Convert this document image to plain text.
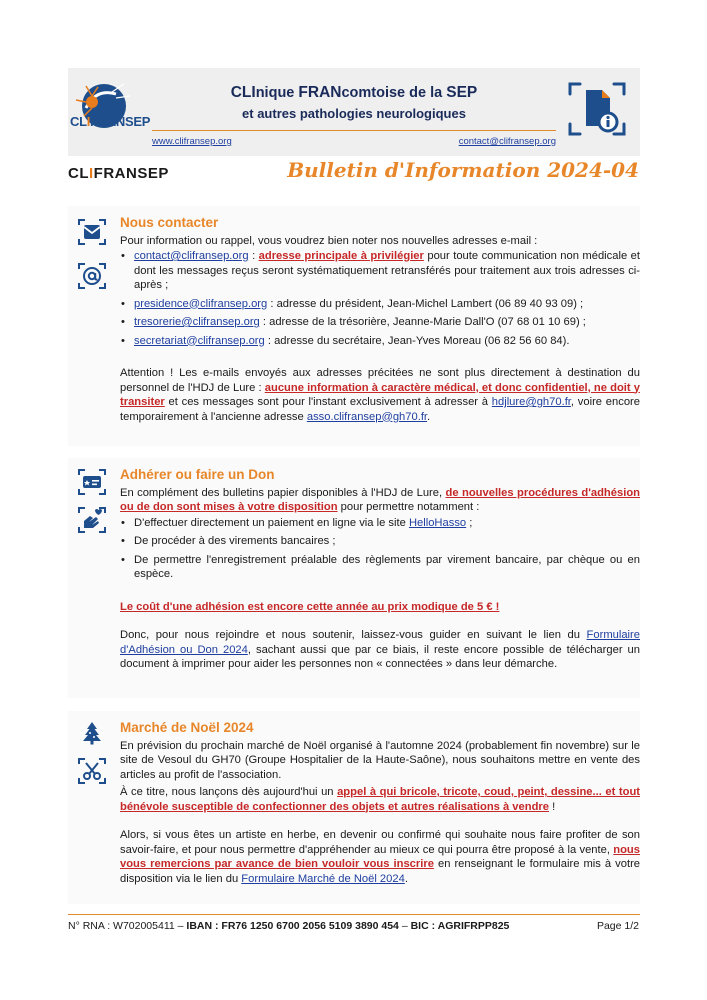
CLIFRANSEP
CLInique FRANcomtoise de la SEP
et autres pathologies neurologiques
www.clifransep.org	contact@clifransep.org
CLIFRANSEP	Bulletin d'Information 2024-04
Nous contacter
Pour information ou rappel, vous voudrez bien noter nos nouvelles adresses e-mail :
• contact@clifransep.org : adresse principale à privilégier pour toute communication non médicale et dont les messages reçus seront systématiquement retransférés pour traitement aux trois adresses ci-après ;
• presidence@clifransep.org : adresse du président, Jean-Michel Lambert (06 89 40 93 09) ;
• tresorerie@clifransep.org : adresse de la trésorière, Jeanne-Marie Dall'O (07 68 01 10 69) ;
• secretariat@clifransep.org : adresse du secrétaire, Jean-Yves Moreau (06 82 56 60 84).
Attention ! Les e-mails envoyés aux adresses précitées ne sont plus directement à destination du personnel de l'HDJ de Lure : aucune information à caractère médical, et donc confidentiel, ne doit y transiter et ces messages sont pour l'instant exclusivement à adresser à hdjlure@gh70.fr, voire encore temporairement à l'ancienne adresse asso.clifransep@gh70.fr.
Adhérer ou faire un Don
En complément des bulletins papier disponibles à l'HDJ de Lure, de nouvelles procédures d'adhésion ou de don sont mises à votre disposition pour permettre notamment :
• D'effectuer directement un paiement en ligne via le site HelloHasso ;
• De procéder à des virements bancaires ;
• De permettre l'enregistrement préalable des règlements par virement bancaire, par chèque ou en espèce.
Le coût d'une adhésion est encore cette année au prix modique de 5 € !
Donc, pour nous rejoindre et nous soutenir, laissez-vous guider en suivant le lien du Formulaire d'Adhésion ou Don 2024, sachant aussi que par ce biais, il reste encore possible de télécharger un document à imprimer pour aider les personnes non « connectées » dans leur démarche.
Marché de Noël 2024
En prévision du prochain marché de Noël organisé à l'automne 2024 (probablement fin novembre) sur le site de Vesoul du GH70 (Groupe Hospitalier de la Haute-Saône), nous souhaitons mettre en vente des articles au profit de l'association.
À ce titre, nous lançons dès aujourd'hui un appel à qui bricole, tricote, coud, peint, dessine... et tout bénévole susceptible de confectionner des objets et autres réalisations à vendre !
Alors, si vous êtes un artiste en herbe, en devenir ou confirmé qui souhaite nous faire profiter de son savoir-faire, et pour nous permettre d'appréhender au mieux ce qui pourra être proposé à la vente, nous vous remercions par avance de bien vouloir vous inscrire en renseignant le formulaire mis à votre disposition via le lien du Formulaire Marché de Noël 2024.
N° RNA : W702005411 – IBAN : FR76 1250 6700 2056 5109 3890 454 – BIC : AGRIFRPP825	Page 1/2
